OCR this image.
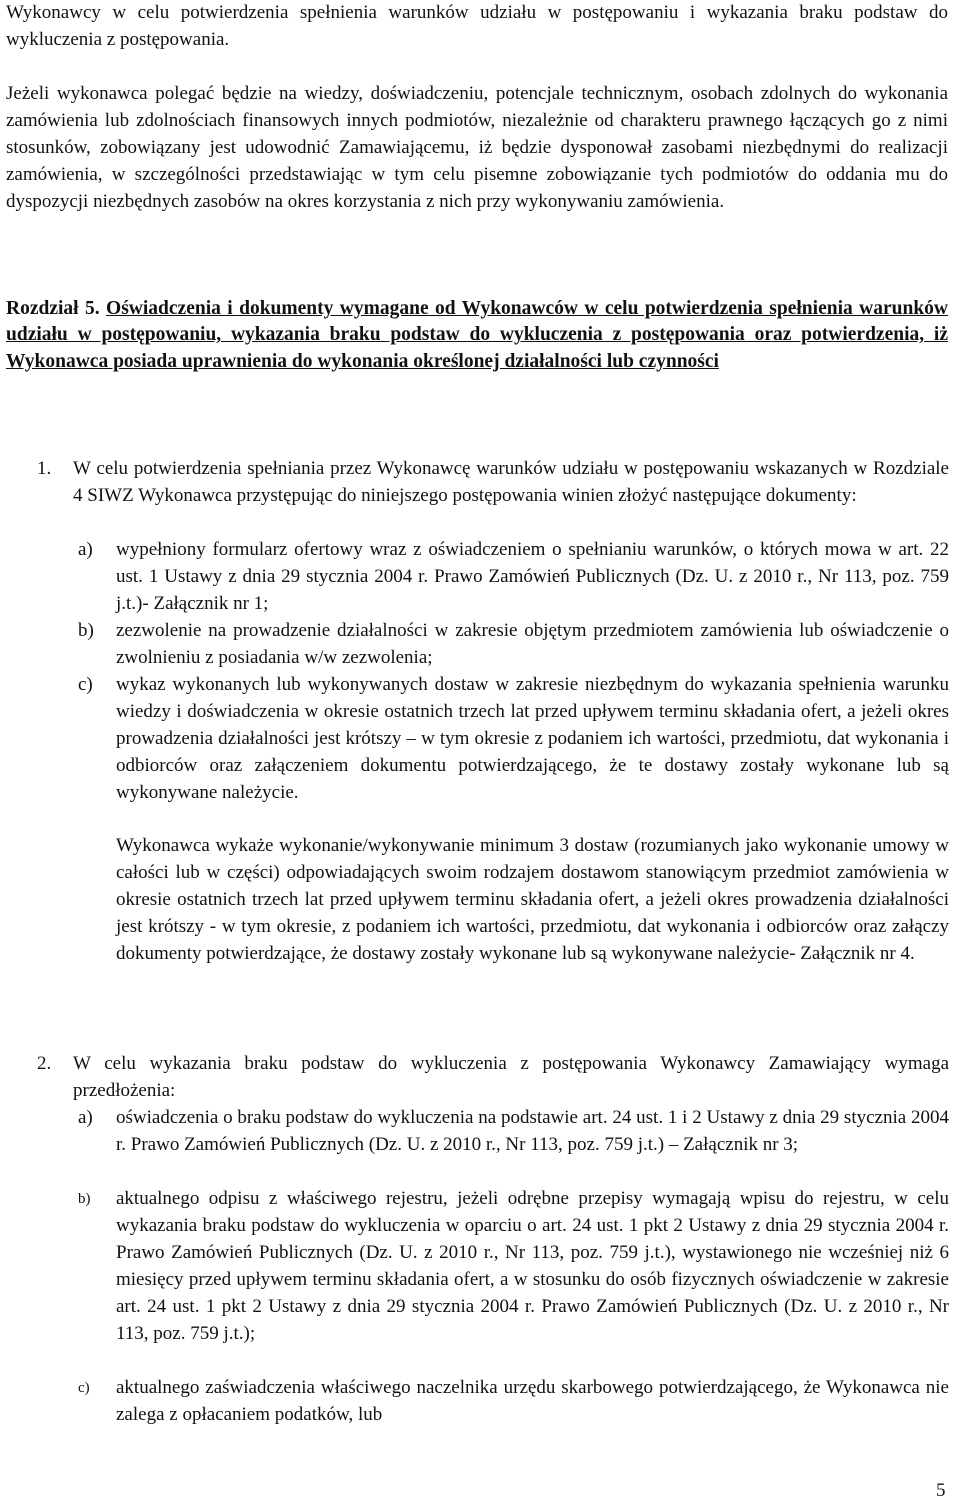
Wykonawcy w celu potwierdzenia spełnienia warunków udziału w postępowaniu i wykazania braku podstaw do wykluczenia z postępowania.
Jeżeli wykonawca polegać będzie na wiedzy, doświadczeniu, potencjale technicznym, osobach zdolnych do wykonania zamówienia lub zdolnościach finansowych innych podmiotów, niezależnie od charakteru prawnego łączących go z nimi stosunków, zobowiązany jest udowodnić Zamawiającemu, iż będzie dysponował zasobami niezbędnymi do realizacji zamówienia, w szczególności przedstawiając w tym celu pisemne zobowiązanie tych podmiotów do oddania mu do dyspozycji niezbędnych zasobów na okres korzystania z nich przy wykonywaniu zamówienia.
Rozdział 5. Oświadczenia i dokumenty wymagane od Wykonawców w celu potwierdzenia spełnienia warunków udziału w postępowaniu, wykazania braku podstaw do wykluczenia z postępowania oraz potwierdzenia, iż Wykonawca posiada uprawnienia do wykonania określonej działalności lub czynności
1. W celu potwierdzenia spełniania przez Wykonawcę warunków udziału w postępowaniu wskazanych w Rozdziale 4 SIWZ Wykonawca przystępując do niniejszego postępowania winien złożyć następujące dokumenty:
a) wypełniony formularz ofertowy wraz z oświadczeniem o spełnianiu warunków, o których mowa w art. 22 ust. 1 Ustawy z dnia 29 stycznia 2004 r. Prawo Zamówień Publicznych (Dz. U. z 2010 r., Nr 113, poz. 759 j.t.)- Załącznik nr 1;
b) zezwolenie na prowadzenie działalności w zakresie objętym przedmiotem zamówienia lub oświadczenie o zwolnieniu z posiadania w/w zezwolenia;
c) wykaz wykonanych lub wykonywanych dostaw w zakresie niezbędnym do wykazania spełnienia warunku wiedzy i doświadczenia w okresie ostatnich trzech lat przed upływem terminu składania ofert, a jeżeli okres prowadzenia działalności jest krótszy – w tym okresie z podaniem ich wartości, przedmiotu, dat wykonania i odbiorców oraz załączeniem dokumentu potwierdzającego, że te dostawy zostały wykonane lub są wykonywane należycie.
Wykonawca wykaże wykonanie/wykonywanie minimum 3 dostaw (rozumianych jako wykonanie umowy w całości lub w części) odpowiadających swoim rodzajem dostawom stanowiącym przedmiot zamówienia w okresie ostatnich trzech lat przed upływem terminu składania ofert, a jeżeli okres prowadzenia działalności jest krótszy - w tym okresie, z podaniem ich wartości, przedmiotu, dat wykonania i odbiorców oraz załączy dokumenty potwierdzające, że dostawy zostały wykonane lub są wykonywane należycie- Załącznik nr 4.
2. W celu wykazania braku podstaw do wykluczenia z postępowania Wykonawcy Zamawiający wymaga przedłożenia:
a) oświadczenia o braku podstaw do wykluczenia na podstawie art. 24 ust. 1 i 2 Ustawy z dnia 29 stycznia 2004 r. Prawo Zamówień Publicznych (Dz. U. z 2010 r., Nr 113, poz. 759 j.t.) – Załącznik nr 3;
b) aktualnego odpisu z właściwego rejestru, jeżeli odrębne przepisy wymagają wpisu do rejestru, w celu wykazania braku podstaw do wykluczenia w oparciu o art. 24 ust. 1 pkt 2 Ustawy z dnia 29 stycznia 2004 r. Prawo Zamówień Publicznych (Dz. U. z 2010 r., Nr 113, poz. 759 j.t.), wystawionego nie wcześniej niż 6 miesięcy przed upływem terminu składania ofert, a w stosunku do osób fizycznych oświadczenie w zakresie art. 24 ust. 1 pkt 2 Ustawy z dnia 29 stycznia 2004 r. Prawo Zamówień Publicznych (Dz. U. z 2010 r., Nr 113, poz. 759 j.t.);
c) aktualnego zaświadczenia właściwego naczelnika urzędu skarbowego potwierdzającego, że Wykonawca nie zalega z opłacaniem podatków, lub
5
